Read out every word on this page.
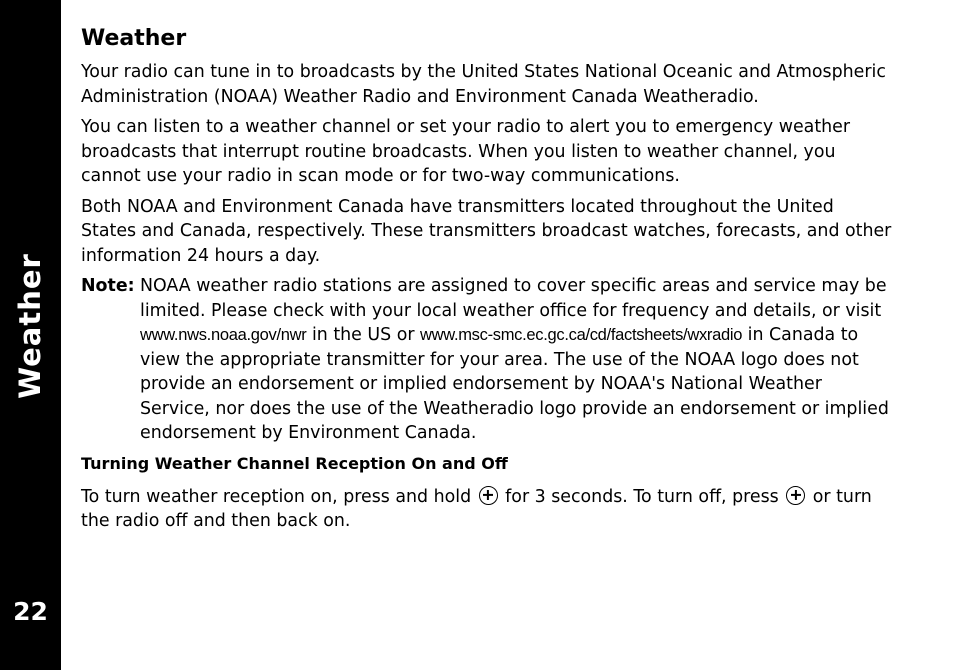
Weather
22
Weather

Your radio can tune in to broadcasts by the United States National Oceanic and Atmospheric Administration (NOAA) Weather Radio and Environment Canada Weatheradio.

You can listen to a weather channel or set your radio to alert you to emergency weather broadcasts that interrupt routine broadcasts. When you listen to weather channel, you cannot use your radio in scan mode or for two-way communications.

Both NOAA and Environment Canada have transmitters located throughout the United States and Canada, respectively. These transmitters broadcast watches, forecasts, and other information 24 hours a day.

Note: NOAA weather radio stations are assigned to cover specific areas and service may be limited. Please check with your local weather office for frequency and details, or visit www.nws.noaa.gov/nwr in the US or www.msc-smc.ec.gc.ca/cd/factsheets/wxradio in Canada to view the appropriate transmitter for your area. The use of the NOAA logo does not provide an endorsement or implied endorsement by NOAA's National Weather Service, nor does the use of the Weatheradio logo provide an endorsement or implied endorsement by Environment Canada.
Turning Weather Channel Reception On and Off

To turn weather reception on, press and hold  for 3 seconds. To turn off, press  or turn the radio off and then back on.
